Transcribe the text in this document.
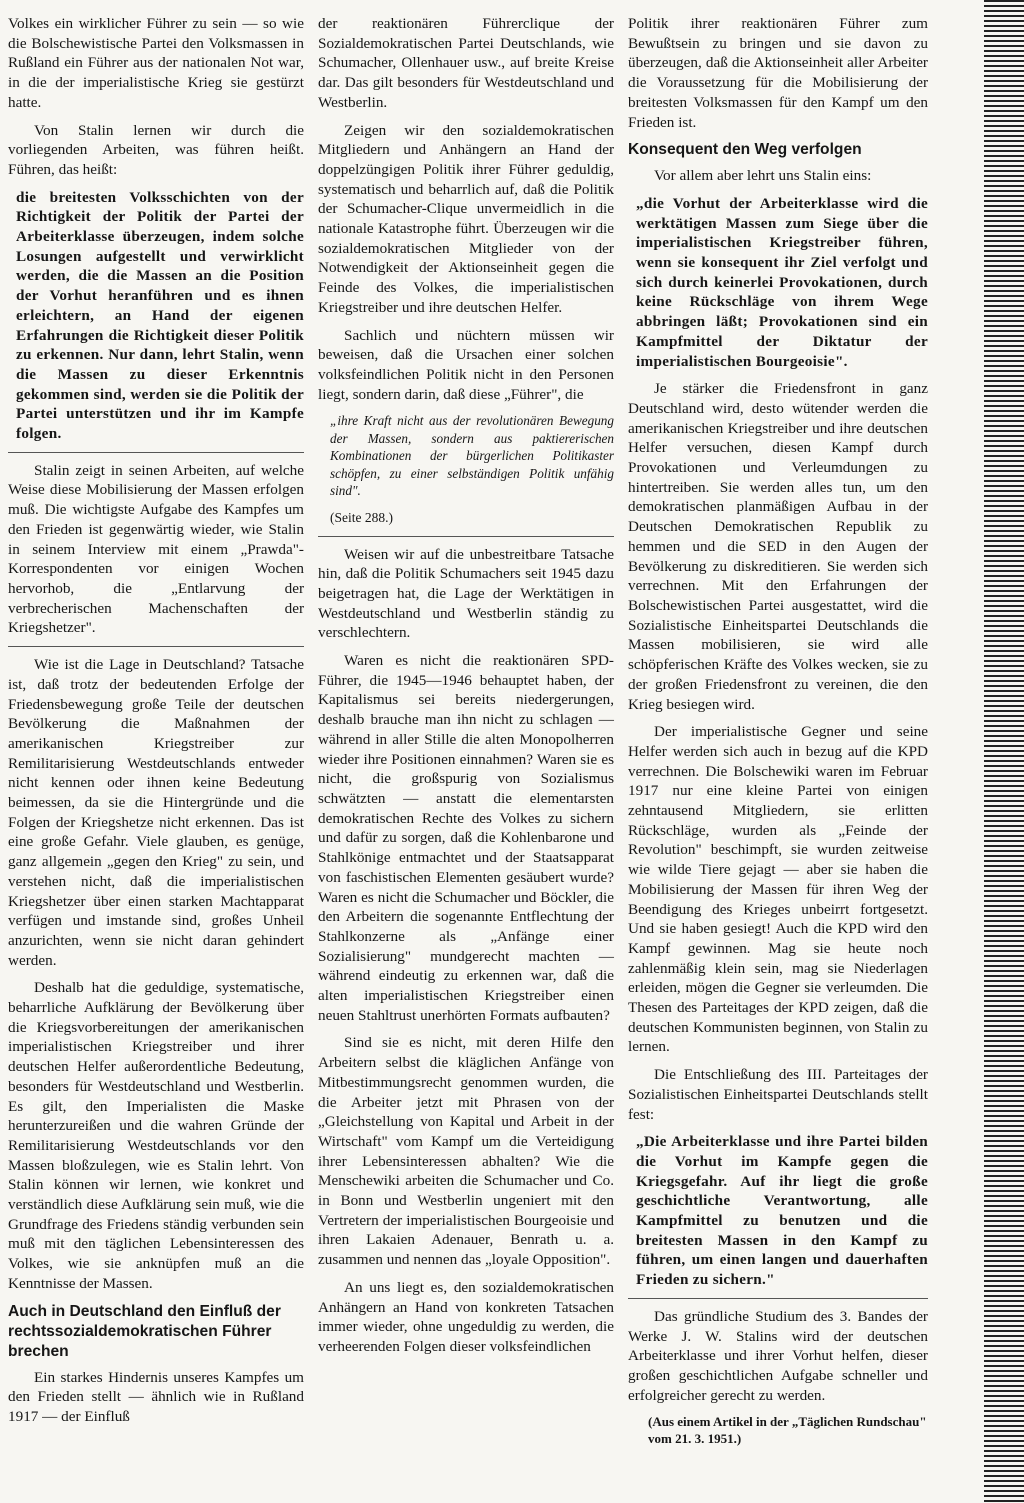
Volkes ein wirklicher Führer zu sein — so wie die Bolschewistische Partei den Volksmassen in Rußland ein Führer aus der nationalen Not war, in die der imperialistische Krieg sie gestürzt hatte.

Von Stalin lernen wir durch die vorliegenden Arbeiten, was führen heißt. Führen, das heißt:

die breitesten Volksschichten von der Richtigkeit der Politik der Partei der Arbeiterklasse überzeugen, indem solche Losungen aufgestellt und verwirklicht werden, die die Massen an die Position der Vorhut heranführen und es ihnen erleichtern, an Hand der eigenen Erfahrungen die Richtigkeit dieser Politik zu erkennen. Nur dann, lehrt Stalin, wenn die Massen zu dieser Erkenntnis gekommen sind, werden sie die Politik der Partei unterstützen und ihr im Kampfe folgen.

Stalin zeigt in seinen Arbeiten, auf welche Weise diese Mobilisierung der Massen erfolgen muß. Die wichtigste Aufgabe des Kampfes um den Frieden ist gegenwärtig wieder, wie Stalin in seinem Interview mit einem „Prawda"-Korrespondenten vor einigen Wochen hervorhob, die „Entlarvung der verbrecherischen Machenschaften der Kriegshetzer".

Wie ist die Lage in Deutschland? Tatsache ist, daß trotz der bedeutenden Erfolge der Friedensbewegung große Teile der deutschen Bevölkerung die Maßnahmen der amerikanischen Kriegstreiber zur Remilitarisierung Westdeutschlands entweder nicht kennen oder ihnen keine Bedeutung beimessen, da sie die Hintergründe und die Folgen der Kriegshetze nicht erkennen. Das ist eine große Gefahr. Viele glauben, es genüge, ganz allgemein „gegen den Krieg" zu sein, und verstehen nicht, daß die imperialistischen Kriegshetzer über einen starken Machtapparat verfügen und imstande sind, großes Unheil anzurichten, wenn sie nicht daran gehindert werden.

Deshalb hat die geduldige, systematische, beharrliche Aufklärung der Bevölkerung über die Kriegsvorbereitungen der amerikanischen imperialistischen Kriegstreiber und ihrer deutschen Helfer außerordentliche Bedeutung, besonders für Westdeutschland und Westberlin. Es gilt, den Imperialisten die Maske herunterzureißen und die wahren Gründe der Remilitarisierung Westdeutschlands vor den Massen bloßzulegen, wie es Stalin lehrt. Von Stalin können wir lernen, wie konkret und verständlich diese Aufklärung sein muß, wie die Grundfrage des Friedens ständig verbunden sein muß mit den täglichen Lebensinteressen des Volkes, wie sie anknüpfen muß an die Kenntnisse der Massen.

Auch in Deutschland den Einfluß der rechtssozialdemokratischen Führer brechen

Ein starkes Hindernis unseres Kampfes um den Frieden stellt — ähnlich wie in Rußland 1917 — der Einfluß

der reaktionären Führerclique der Sozialdemokratischen Partei Deutschlands, wie Schumacher, Ollenhauer usw., auf breite Kreise dar. Das gilt besonders für Westdeutschland und Westberlin.

Zeigen wir den sozialdemokratischen Mitgliedern und Anhängern an Hand der doppelzüngigen Politik ihrer Führer geduldig, systematisch und beharrlich auf, daß die Politik der Schumacher-Clique unvermeidlich in die nationale Katastrophe führt. Überzeugen wir die sozialdemokratischen Mitglieder von der Notwendigkeit der Aktionseinheit gegen die Feinde des Volkes, die imperialistischen Kriegstreiber und ihre deutschen Helfer.

Sachlich und nüchtern müssen wir beweisen, daß die Ursachen einer solchen volksfeindlichen Politik nicht in den Personen liegt, sondern darin, daß diese „Führer", die

„ihre Kraft nicht aus der revolutionären Bewegung der Massen, sondern aus paktiererischen Kombinationen der bürgerlichen Politikaster schöpfen, zu einer selbständigen Politik unfähig sind".

(Seite 288.)

Weisen wir auf die unbestreitbare Tatsache hin, daß die Politik Schumachers seit 1945 dazu beigetragen hat, die Lage der Werktätigen in Westdeutschland und Westberlin ständig zu verschlechtern.

Waren es nicht die reaktionären SPD-Führer, die 1945—1946 behauptet haben, der Kapitalismus sei bereits niedergerungen, deshalb brauche man ihn nicht zu schlagen — während in aller Stille die alten Monopolherren wieder ihre Positionen einnahmen? Waren sie es nicht, die großspurig von Sozialismus schwätzten — anstatt die elementarsten demokratischen Rechte des Volkes zu sichern und dafür zu sorgen, daß die Kohlenbarone und Stahlkönige entmachtet und der Staatsapparat von faschistischen Elementen gesäubert wurde? Waren es nicht die Schumacher und Böckler, die den Arbeitern die sogenannte Entflechtung der Stahlkonzerne als „Anfänge einer Sozialisierung" mundgerecht machten — während eindeutig zu erkennen war, daß die alten imperialistischen Kriegstreiber einen neuen Stahltrust unerhörten Formats aufbauten?

Sind sie es nicht, mit deren Hilfe den Arbeitern selbst die kläglichen Anfänge von Mitbestimmungsrecht genommen wurden, die die Arbeiter jetzt mit Phrasen von der „Gleichstellung von Kapital und Arbeit in der Wirtschaft" vom Kampf um die Verteidigung ihrer Lebensinteressen abhalten? Wie die Menschewiki arbeiten die Schumacher und Co. in Bonn und Westberlin ungeniert mit den Vertretern der imperialistischen Bourgeoisie und ihren Lakaien Adenauer, Benrath u. a. zusammen und nennen das „loyale Opposition".

An uns liegt es, den sozialdemokratischen Anhängern an Hand von konkreten Tatsachen immer wieder, ohne ungeduldig zu werden, die verheerenden Folgen dieser volksfeindlichen

Politik ihrer reaktionären Führer zum Bewußtsein zu bringen und sie davon zu überzeugen, daß die Aktionseinheit aller Arbeiter die Voraussetzung für die Mobilisierung der breitesten Volksmassen für den Kampf um den Frieden ist.

Konsequent den Weg verfolgen

Vor allem aber lehrt uns Stalin eins:

„die Vorhut der Arbeiterklasse wird die werktätigen Massen zum Siege über die imperialistischen Kriegstreiber führen, wenn sie konsequent ihr Ziel verfolgt und sich durch keinerlei Provokationen, durch keine Rückschläge von ihrem Wege abbringen läßt; Provokationen sind ein Kampfmittel der Diktatur der imperialistischen Bourgeoisie".

Je stärker die Friedensfront in ganz Deutschland wird, desto wütender werden die amerikanischen Kriegstreiber und ihre deutschen Helfer versuchen, diesen Kampf durch Provokationen und Verleumdungen zu hintertreiben. Sie werden alles tun, um den demokratischen planmäßigen Aufbau in der Deutschen Demokratischen Republik zu hemmen und die SED in den Augen der Bevölkerung zu diskreditieren. Sie werden sich verrechnen. Mit den Erfahrungen der Bolschewistischen Partei ausgestattet, wird die Sozialistische Einheitspartei Deutschlands die Massen mobilisieren, sie wird alle schöpferischen Kräfte des Volkes wecken, sie zu der großen Friedensfront zu vereinen, die den Krieg besiegen wird.

Der imperialistische Gegner und seine Helfer werden sich auch in bezug auf die KPD verrechnen. Die Bolschewiki waren im Februar 1917 nur eine kleine Partei von einigen zehntausend Mitgliedern, sie erlitten Rückschläge, wurden als „Feinde der Revolution" beschimpft, sie wurden zeitweise wie wilde Tiere gejagt — aber sie haben die Mobilisierung der Massen für ihren Weg der Beendigung des Krieges unbeirrt fortgesetzt. Und sie haben gesiegt! Auch die KPD wird den Kampf gewinnen. Mag sie heute noch zahlenmäßig klein sein, mag sie Niederlagen erleiden, mögen die Gegner sie verleumden. Die Thesen des Parteitages der KPD zeigen, daß die deutschen Kommunisten beginnen, von Stalin zu lernen.

Die Entschließung des III. Parteitages der Sozialistischen Einheitspartei Deutschlands stellt fest:

„Die Arbeiterklasse und ihre Partei bilden die Vorhut im Kampfe gegen die Kriegsgefahr. Auf ihr liegt die große geschichtliche Verantwortung, alle Kampfmittel zu benutzen und die breitesten Massen in den Kampf zu führen, um einen langen und dauerhaften Frieden zu sichern."

Das gründliche Studium des 3. Bandes der Werke J. W. Stalins wird der deutschen Arbeiterklasse und ihrer Vorhut helfen, dieser großen geschichtlichen Aufgabe schneller und erfolgreicher gerecht zu werden.

(Aus einem Artikel in der „Täglichen Rundschau" vom 21. 3. 1951.)
